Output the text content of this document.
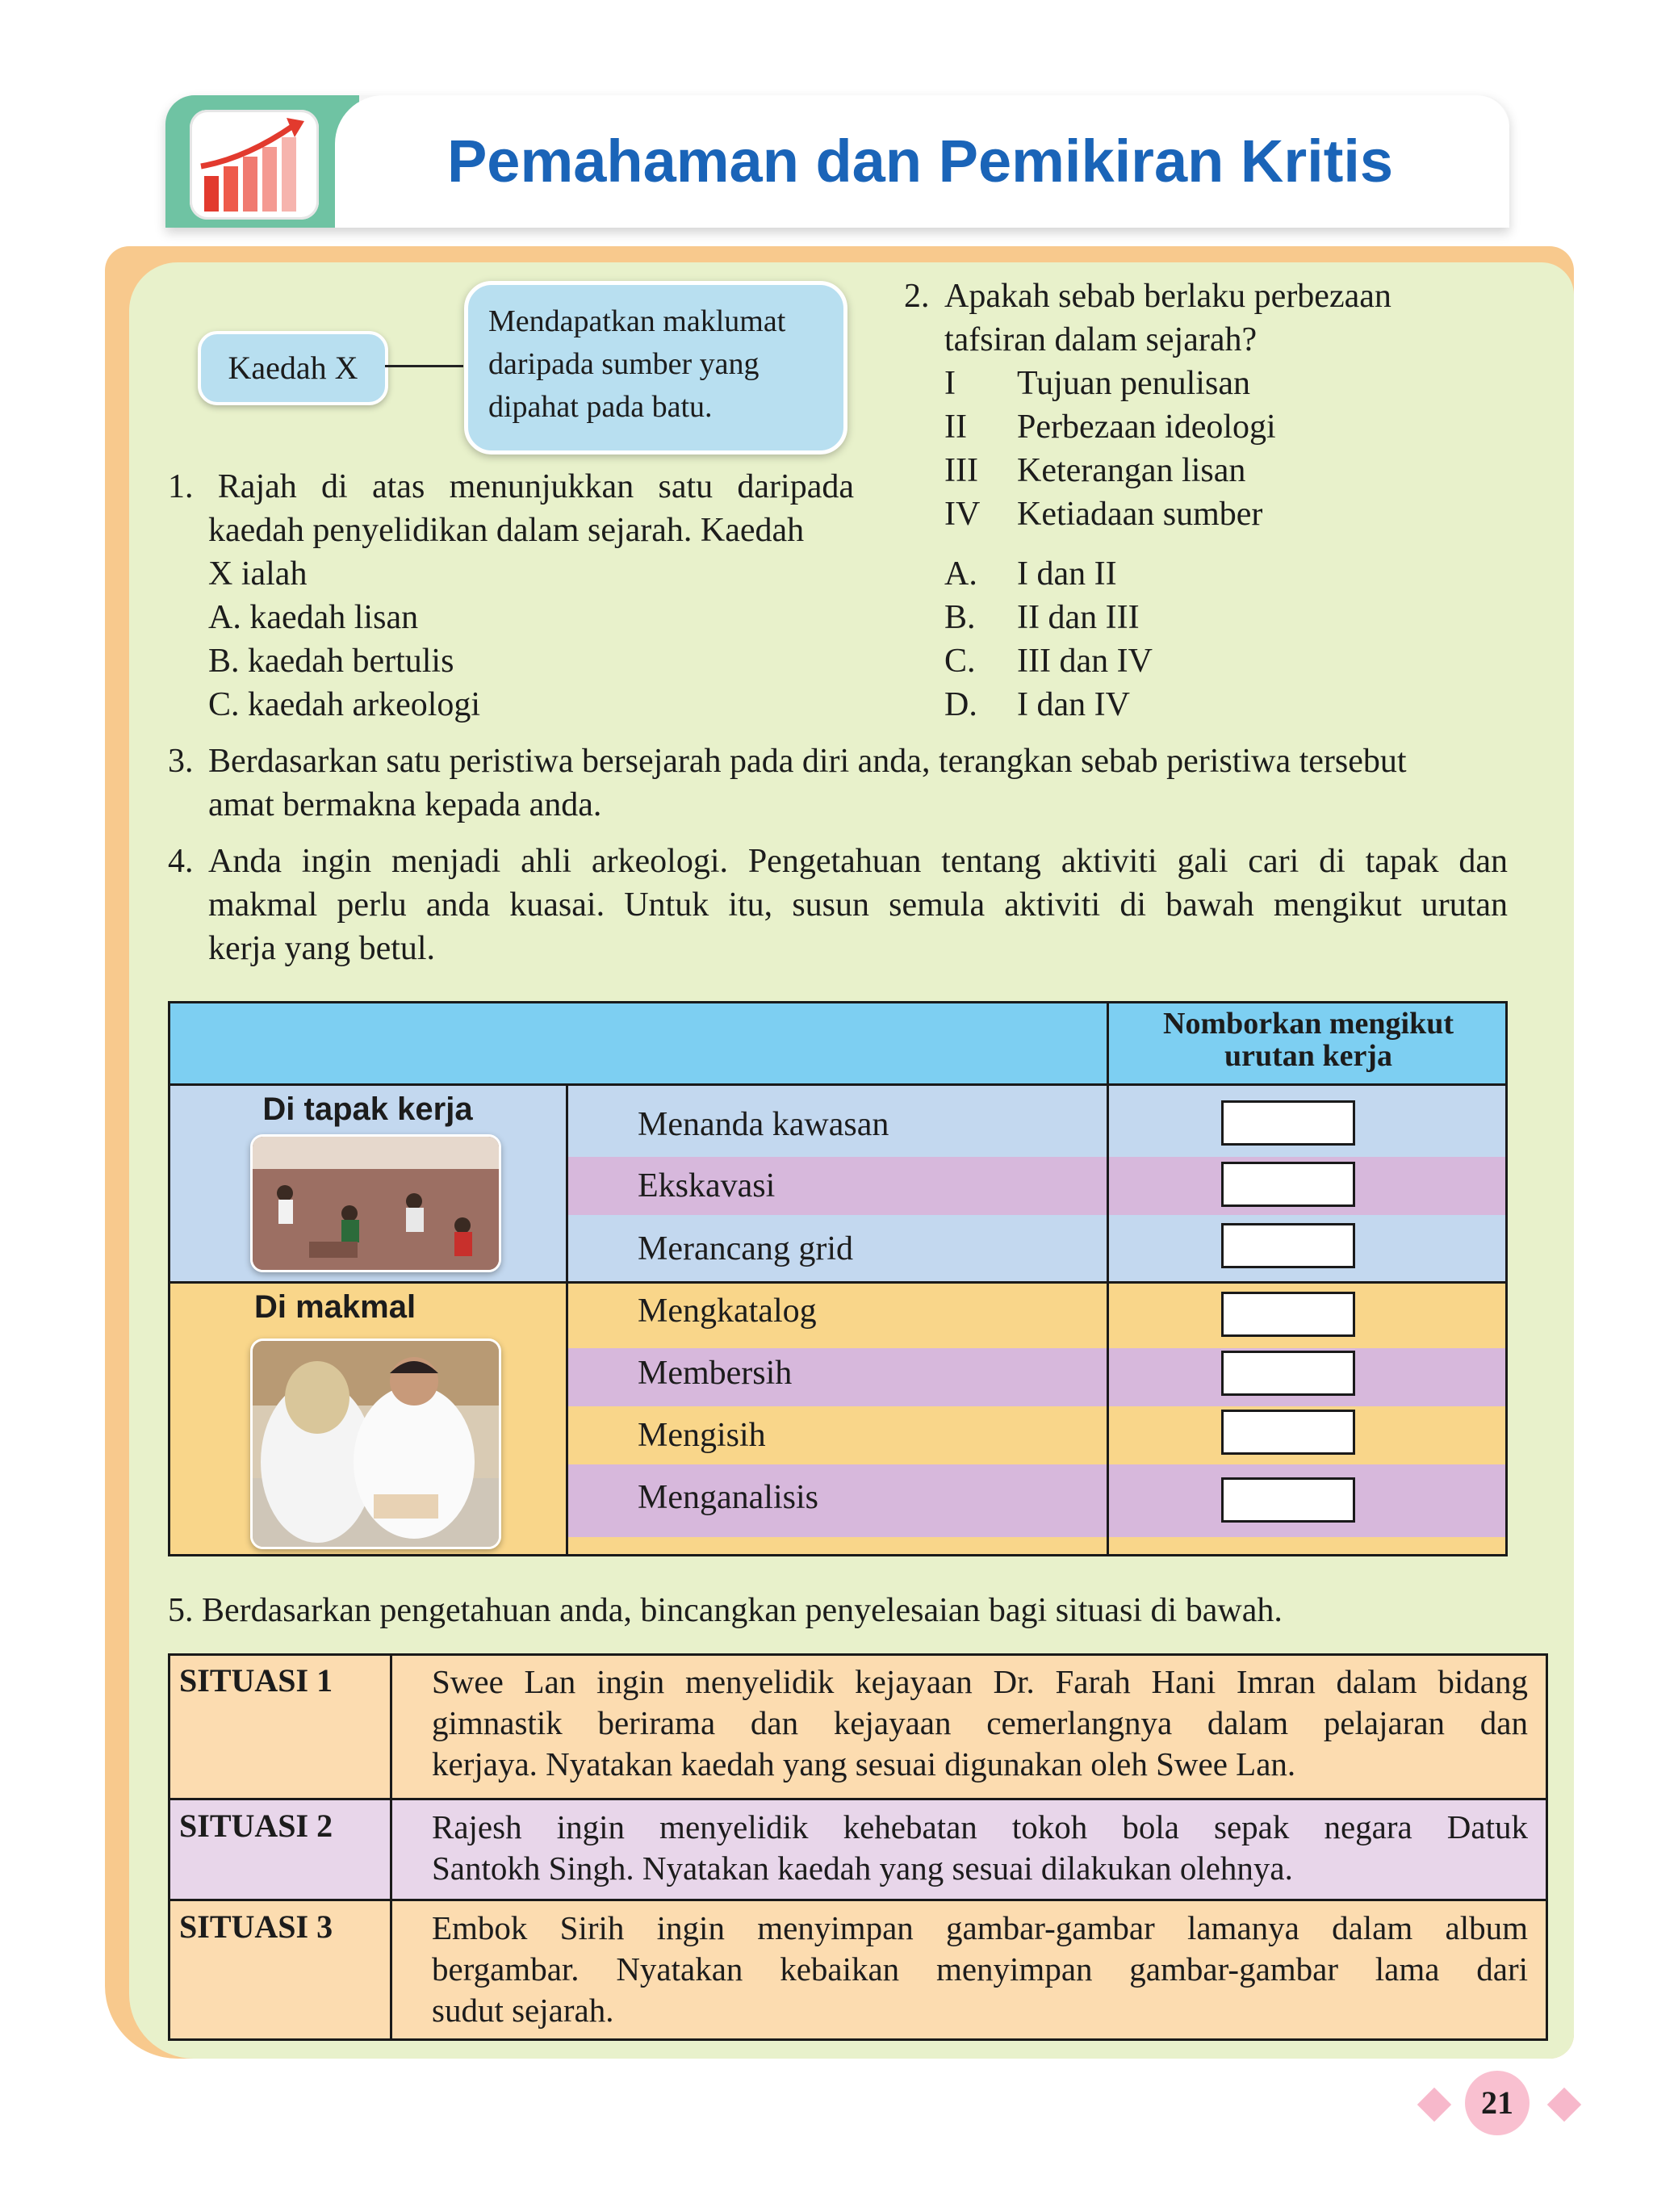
Pemahaman dan Pemikiran Kritis
Kaedah X
Mendapatkan maklumat
daripada sumber yang
dipahat pada batu.
1. Rajah di atas menunjukkan satu daripada
kaedah penyelidikan dalam sejarah. Kaedah
X ialah
A. kaedah lisan
B. kaedah bertulis
C. kaedah arkeologi
2. Apakah sebab berlaku perbezaan
tafsiran dalam sejarah?
I Tujuan penulisan
II Perbezaan ideologi
III Keterangan lisan
IV Ketiadaan sumber
A. I dan II
B. II dan III
C. III dan IV
D. I dan IV
3. Berdasarkan satu peristiwa bersejarah pada diri anda, terangkan sebab peristiwa tersebut
amat bermakna kepada anda.
4. Anda ingin menjadi ahli arkeologi. Pengetahuan tentang aktiviti gali cari di tapak dan
makmal perlu anda kuasai. Untuk itu, susun semula aktiviti di bawah mengikut urutan
kerja yang betul.
Nomborkan mengikut
urutan kerja
Di tapak kerja
Di makmal
Menanda kawasan
Ekskavasi
Merancang grid
Mengkatalog
Membersih
Mengisih
Menganalisis
5. Berdasarkan pengetahuan anda, bincangkan penyelesaian bagi situasi di bawah.
SITUASI 1
SITUASI 2
SITUASI 3
Swee Lan ingin menyelidik kejayaan Dr. Farah Hani Imran dalam bidang
gimnastik berirama dan kejayaan cemerlangnya dalam pelajaran dan
kerjaya. Nyatakan kaedah yang sesuai digunakan oleh Swee Lan.
Rajesh ingin menyelidik kehebatan tokoh bola sepak negara Datuk
Santokh Singh. Nyatakan kaedah yang sesuai dilakukan olehnya.
Embok Sirih ingin menyimpan gambar-gambar lamanya dalam album
bergambar. Nyatakan kebaikan menyimpan gambar-gambar lama dari
sudut sejarah.
21
